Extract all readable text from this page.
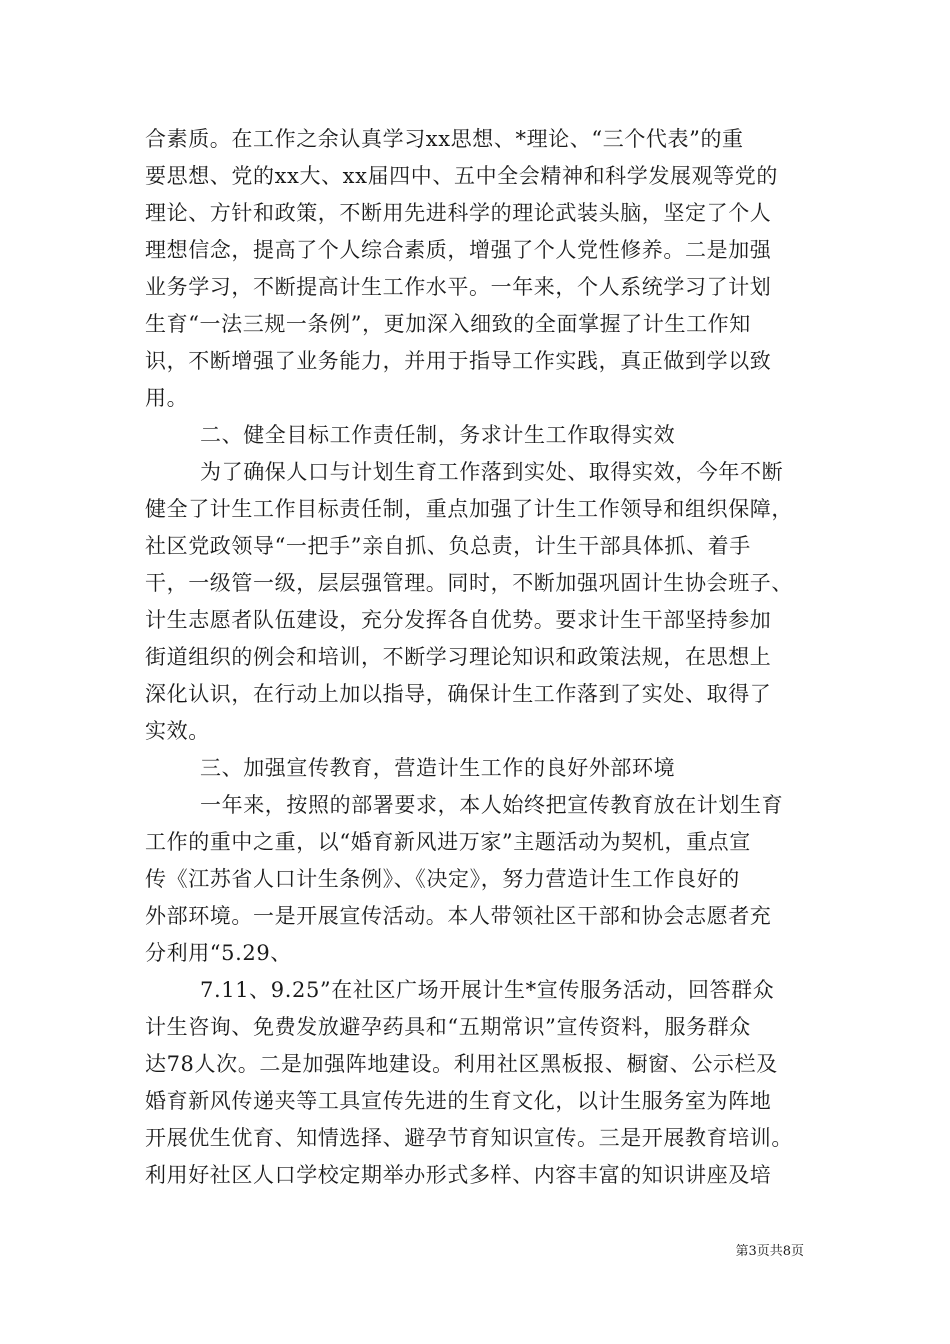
合素质。在工作之余认真学习xx思想、*理论、“三个代表”的重
要思想、党的xx大、xx届四中、五中全会精神和科学发展观等党的
理论、方针和政策，不断用先进科学的理论武装头脑，坚定了个人
理想信念，提高了个人综合素质，增强了个人党性修养。二是加强
业务学习，不断提高计生工作水平。一年来，个人系统学习了计划
生育“一法三规一条例”，更加深入细致的全面掌握了计生工作知
识，不断增强了业务能力，并用于指导工作实践，真正做到学以致
用。
二、健全目标工作责任制，务求计生工作取得实效
为了确保人口与计划生育工作落到实处、取得实效，今年不断
健全了计生工作目标责任制，重点加强了计生工作领导和组织保障，
社区党政领导“一把手”亲自抓、负总责，计生干部具体抓、着手
干，一级管一级，层层强管理。同时，不断加强巩固计生协会班子、
计生志愿者队伍建设，充分发挥各自优势。要求计生干部坚持参加
街道组织的例会和培训，不断学习理论知识和政策法规，在思想上
深化认识，在行动上加以指导，确保计生工作落到了实处、取得了
实效。
三、加强宣传教育，营造计生工作的良好外部环境
一年来，按照的部署要求，本人始终把宣传教育放在计划生育
工作的重中之重，以“婚育新风进万家”主题活动为契机，重点宣
传《江苏省人口计生条例》、《决定》，努力营造计生工作良好的
外部环境。一是开展宣传活动。本人带领社区干部和协会志愿者充
分利用“5.29、
7.11、9.25”在社区广场开展计生*宣传服务活动，回答群众
计生咨询、免费发放避孕药具和“五期常识”宣传资料，服务群众
达78人次。二是加强阵地建设。利用社区黑板报、橱窗、公示栏及
婚育新风传递夹等工具宣传先进的生育文化，以计生服务室为阵地
开展优生优育、知情选择、避孕节育知识宣传。三是开展教育培训。
利用好社区人口学校定期举办形式多样、内容丰富的知识讲座及培
第3页共8页
